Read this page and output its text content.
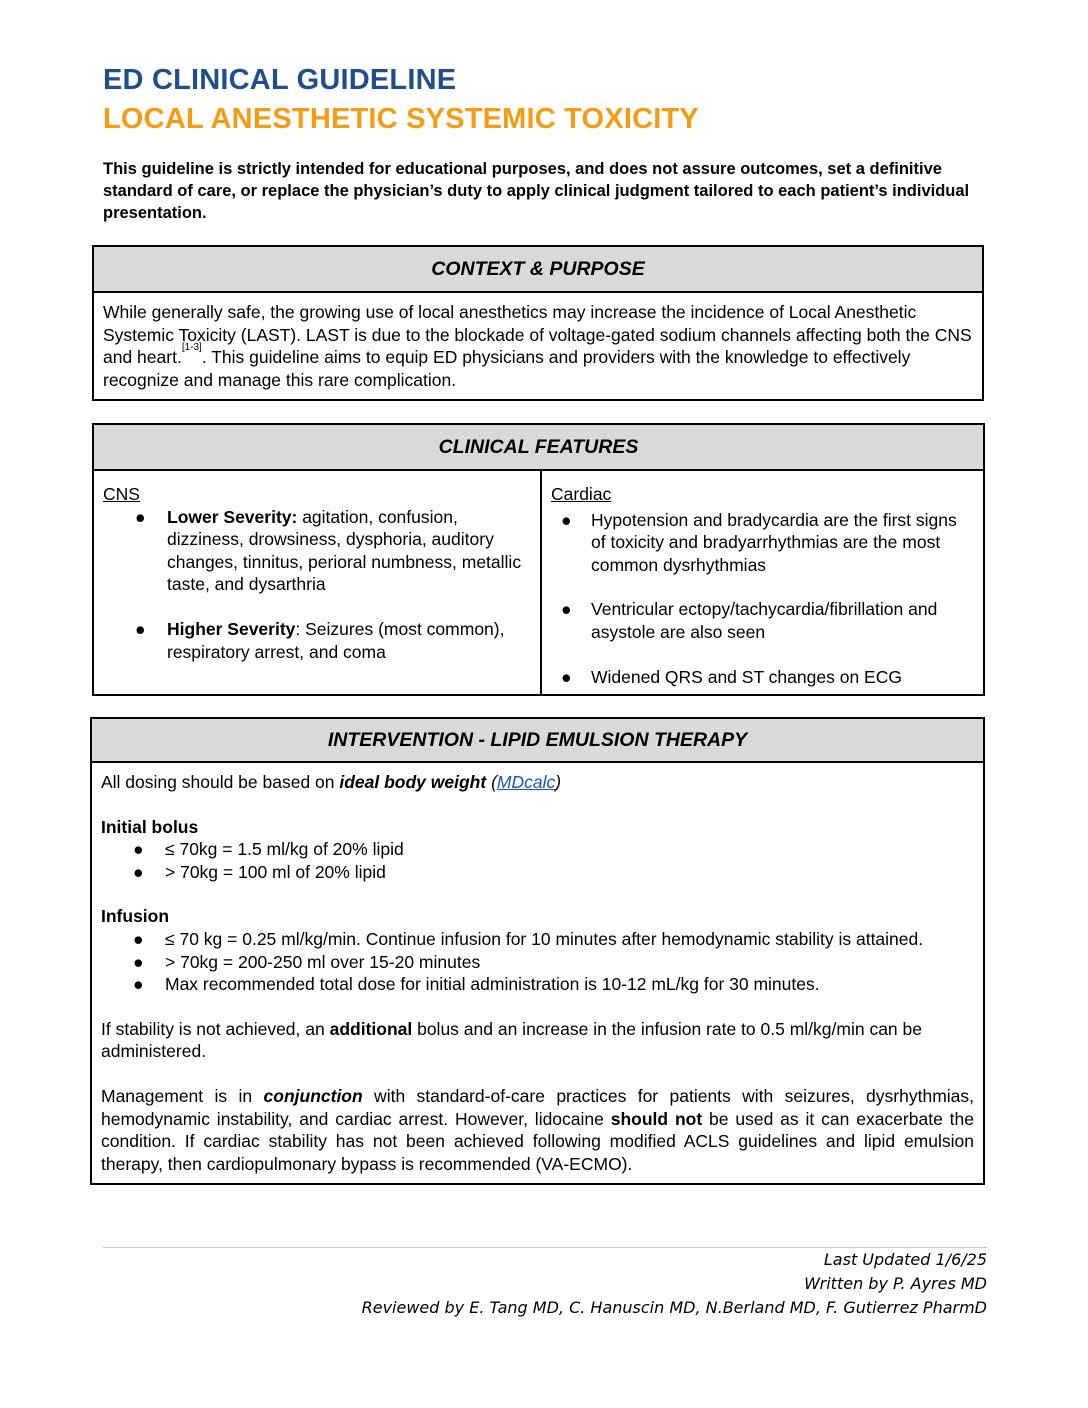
ED CLINICAL GUIDELINE
LOCAL ANESTHETIC SYSTEMIC TOXICITY
This guideline is strictly intended for educational purposes, and does not assure outcomes, set a definitive standard of care, or replace the physician’s duty to apply clinical judgment tailored to each patient’s individual presentation.
CONTEXT & PURPOSE
While generally safe, the growing use of local anesthetics may increase the incidence of Local Anesthetic Systemic Toxicity (LAST). LAST is due to the blockade of voltage-gated sodium channels affecting both the CNS and heart.[1-3]. This guideline aims to equip ED physicians and providers with the knowledge to effectively recognize and manage this rare complication.
CLINICAL FEATURES

CNS
● Lower Severity: agitation, confusion, dizziness, drowsiness, dysphoria, auditory changes, tinnitus, perioral numbness, metallic taste, and dysarthria
● Higher Severity: Seizures (most common), respiratory arrest, and coma

Cardiac
● Hypotension and bradycardia are the first signs of toxicity and bradyarrhythmias are the most common dysrhythmias
● Ventricular ectopy/tachycardia/fibrillation and asystole are also seen
● Widened QRS and ST changes on ECG
INTERVENTION - LIPID EMULSION THERAPY

All dosing should be based on ideal body weight (MDcalc)

Initial bolus

● ≤ 70kg = 1.5 ml/kg of 20% lipid
● > 70kg = 100 ml of 20% lipid

Infusion

● ≤ 70 kg = 0.25 ml/kg/min. Continue infusion for 10 minutes after hemodynamic stability is attained.
● > 70kg = 200-250 ml over 15-20 minutes
● Max recommended total dose for initial administration is 10-12 mL/kg for 30 minutes.

If stability is not achieved, an additional bolus and an increase in the infusion rate to 0.5 ml/kg/min can be administered.

Management is in conjunction with standard-of-care practices for patients with seizures, dysrhythmias, hemodynamic instability, and cardiac arrest. However, lidocaine should not be used as it can exacerbate the condition. If cardiac stability has not been achieved following modified ACLS guidelines and lipid emulsion therapy, then cardiopulmonary bypass is recommended (VA-ECMO).

Last Updated 1/6/25
Written by P. Ayres MD
Reviewed by E. Tang MD, C. Hanuscin MD, N.Berland MD, F. Gutierrez PharmD
